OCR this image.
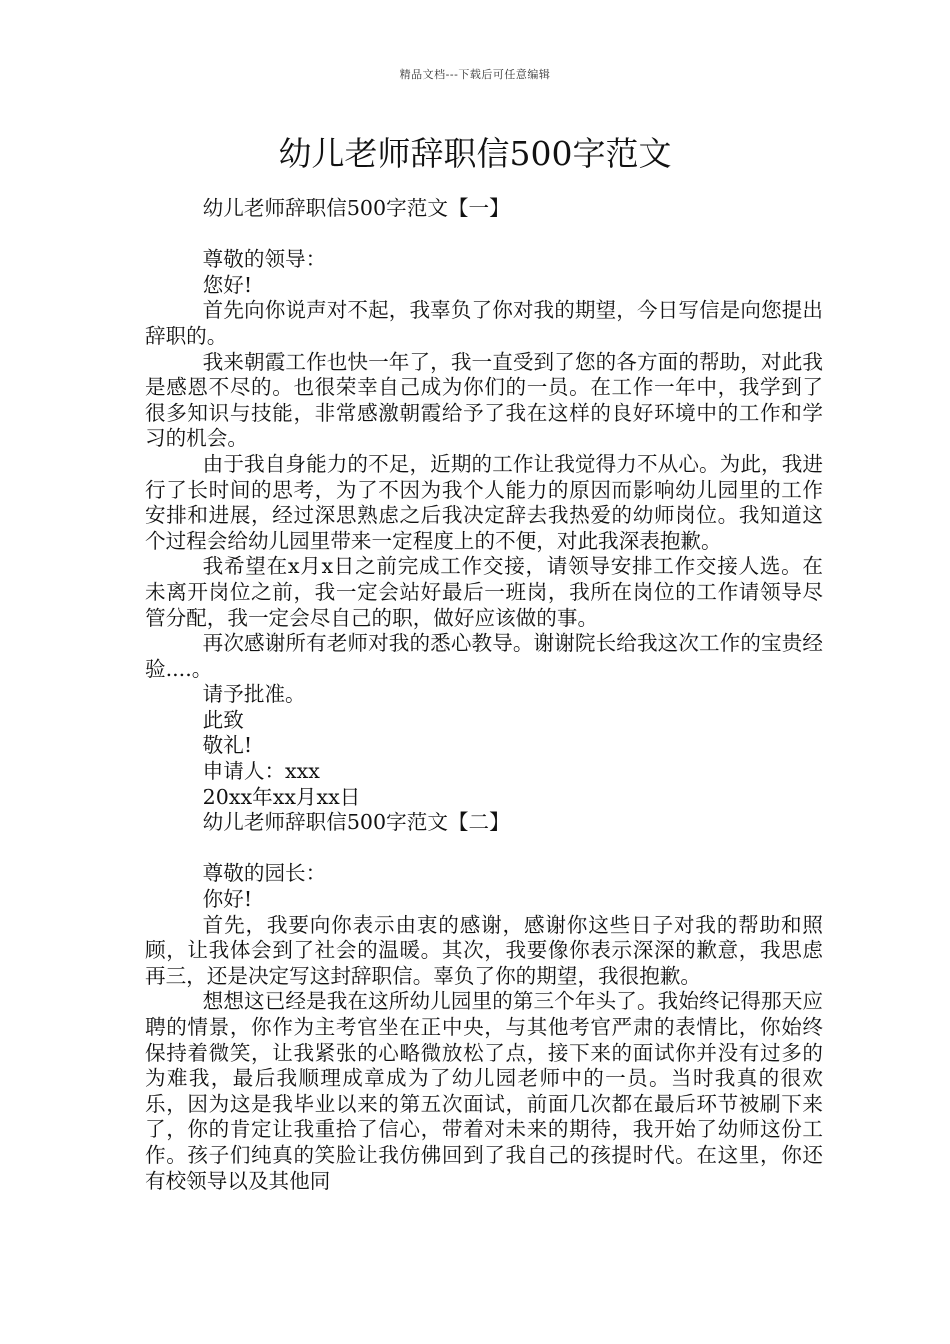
精品文档---下载后可任意编辑
幼儿老师辞职信500字范文
幼儿老师辞职信500字范文【一】
尊敬的领导：
您好!
首先向你说声对不起，我辜负了你对我的期望，今日写信是向您提出辞职的。
我来朝霞工作也快一年了，我一直受到了您的各方面的帮助，对此我是感恩不尽的。也很荣幸自己成为你们的一员。在工作一年中，我学到了很多知识与技能，非常感激朝霞给予了我在这样的良好环境中的工作和学习的机会。
由于我自身能力的不足，近期的工作让我觉得力不从心。为此，我进行了长时间的思考，为了不因为我个人能力的原因而影响幼儿园里的工作安排和进展，经过深思熟虑之后我决定辞去我热爱的幼师岗位。我知道这个过程会给幼儿园里带来一定程度上的不便，对此我深表抱歉。
我希望在x月x日之前完成工作交接，请领导安排工作交接人选。在未离开岗位之前，我一定会站好最后一班岗，我所在岗位的工作请领导尽管分配，我一定会尽自己的职，做好应该做的事。
再次感谢所有老师对我的悉心教导。谢谢院长给我这次工作的宝贵经验....。
请予批准。
此致
敬礼!
申请人：xxx
20xx年xx月xx日
幼儿老师辞职信500字范文【二】
尊敬的园长：
你好!
首先，我要向你表示由衷的感谢，感谢你这些日子对我的帮助和照顾，让我体会到了社会的温暖。其次，我要像你表示深深的歉意，我思虑再三，还是决定写这封辞职信。辜负了你的期望，我很抱歉。
想想这已经是我在这所幼儿园里的第三个年头了。我始终记得那天应聘的情景，你作为主考官坐在正中央，与其他考官严肃的表情比，你始终保持着微笑，让我紧张的心略微放松了点，接下来的面试你并没有过多的为难我，最后我顺理成章成为了幼儿园老师中的一员。当时我真的很欢乐，因为这是我毕业以来的第五次面试，前面几次都在最后环节被刷下来了，你的肯定让我重拾了信心，带着对未来的期待，我开始了幼师这份工作。孩子们纯真的笑脸让我仿佛回到了我自己的孩提时代。在这里，你还有校领导以及其他同
